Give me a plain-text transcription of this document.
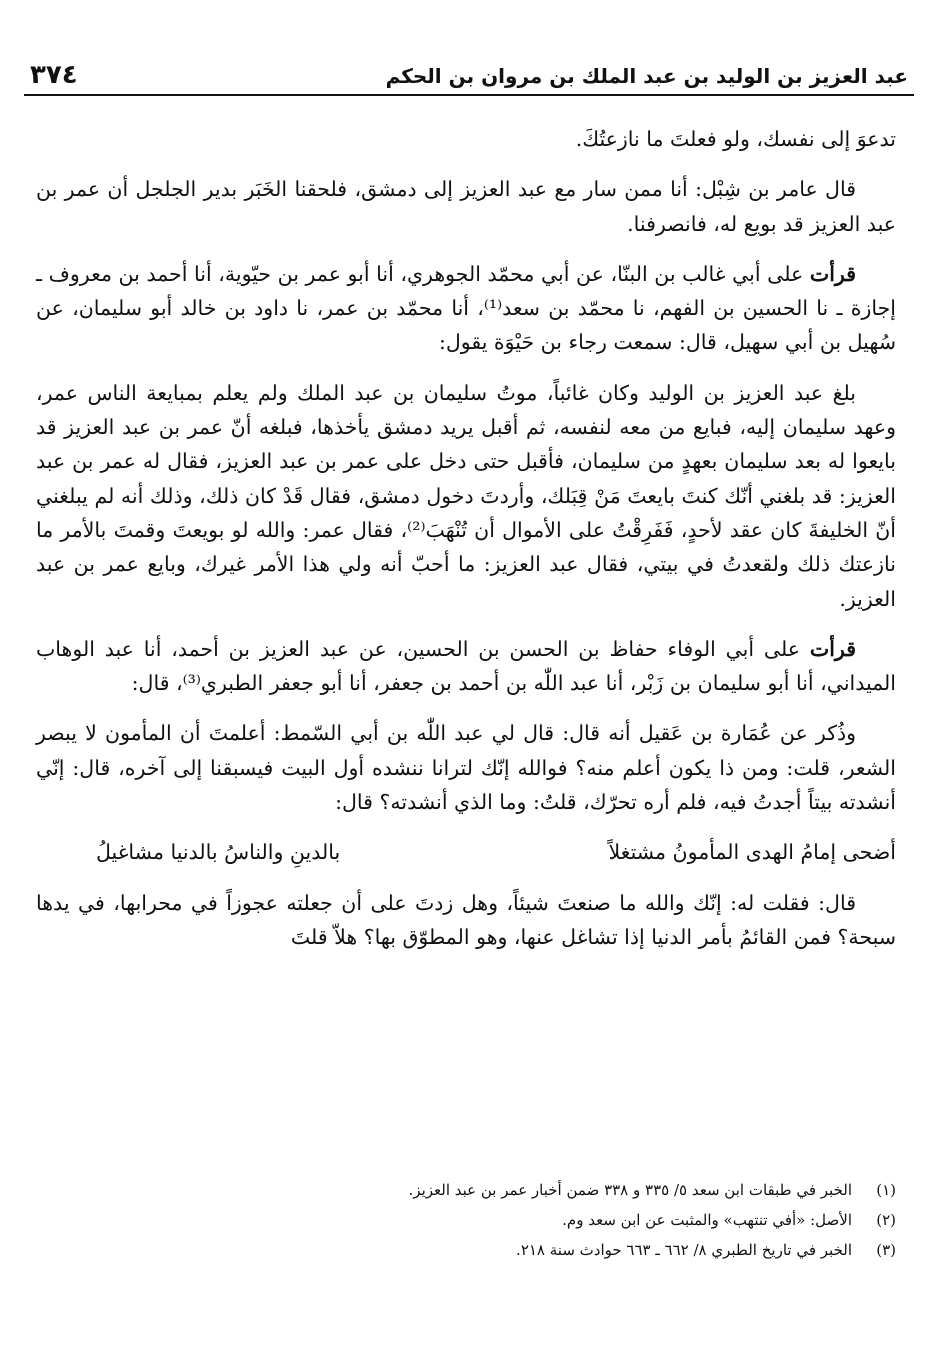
عبد العزيز بن الوليد بن عبد الملك بن مروان بن الحكم
٣٧٤

تدعوَ إلى نفسك، ولو فعلتَ ما نازعتُكَ.

قال عامر بن شِبْل: أنا ممن سار مع عبد العزيز إلى دمشق، فلحقنا الخَبَر بدير الجلجل أن عمر بن عبد العزيز قد بويع له، فانصرفنا.

قرأت على أبي غالب بن البنّا، عن أبي محمّد الجوهري، أنا أبو عمر بن حيّوية، أنا أحمد بن معروف ـ إجازة ـ نا الحسين بن الفهم، نا محمّد بن سعد⁽¹⁾، أنا محمّد بن عمر، نا داود بن خالد أبو سليمان، عن سُهيل بن أبي سهيل، قال: سمعت رجاء بن حَيْوَة يقول:

بلغ عبد العزيز بن الوليد وكان غائباً، موتُ سليمان بن عبد الملك ولم يعلم بمبايعة الناس عمر، وعهد سليمان إليه، فبايع من معه لنفسه، ثم أقبل يريد دمشق يأخذها، فبلغه أنّ عمر بن عبد العزيز قد بايعوا له بعد سليمان بعهدٍ من سليمان، فأقبل حتى دخل على عمر بن عبد العزيز، فقال له عمر بن عبد العزيز: قد بلغني أنّك كنتَ بايعتَ مَنْ قِبَلك، وأردتَ دخول دمشق، فقال قَدْ كان ذلك، وذلك أنه لم يبلغني أنّ الخليفةَ كان عقد لأحدٍ، فَفَرِقْتُ على الأموال أن تُنْهَبَ⁽²⁾، فقال عمر: والله لو بويعتَ وقمتَ بالأمر ما نازعتك ذلك ولقعدتُ في بيتي، فقال عبد العزيز: ما أحبّ أنه ولي هذا الأمر غيرك، وبايع عمر بن عبد العزيز.

قرأت على أبي الوفاء حفاظ بن الحسن بن الحسين، عن عبد العزيز بن أحمد، أنا عبد الوهاب الميداني، أنا أبو سليمان بن زَبْر، أنا عبد اللّٰه بن أحمد بن جعفر، أنا أبو جعفر الطبري⁽³⁾، قال:

وذُكر عن عُمَارة بن عَقيل أنه قال: قال لي عبد اللّٰه بن أبي السّمط: أعلمتَ أن المأمون لا يبصر الشعر، قلت: ومن ذا يكون أعلم منه؟ فوالله إنّك لترانا ننشده أول البيت فيسبقنا إلى آخره، قال: إنّي أنشدته بيتاً أجدتُ فيه، فلم أره تحرّك، قلتُ: وما الذي أنشدته؟ قال:

أضحى إمامُ الهدى المأمونُ مشتغلاً
بالدينِ والناسُ بالدنيا مشاغيلُ

قال: فقلت له: إنّك والله ما صنعتَ شيئاً، وهل زدتَ على أن جعلته عجوزاً في محرابها، في يدها سبحة؟ فمن القائمُ بأمر الدنيا إذا تشاغل عنها، وهو المطوّق بها؟ هلاّ قلتَ

(١)الخبر في طبقات ابن سعد ٥/ ٣٣٥ و ٣٣٨ ضمن أخبار عمر بن عبد العزيز.
(٢)الأصل: «أفي تنتهب» والمثبت عن ابن سعد وم.
(٣)الخبر في تاريخ الطبري ٨/ ٦٦٢ ـ ٦٦٣ حوادث سنة ٢١٨.
